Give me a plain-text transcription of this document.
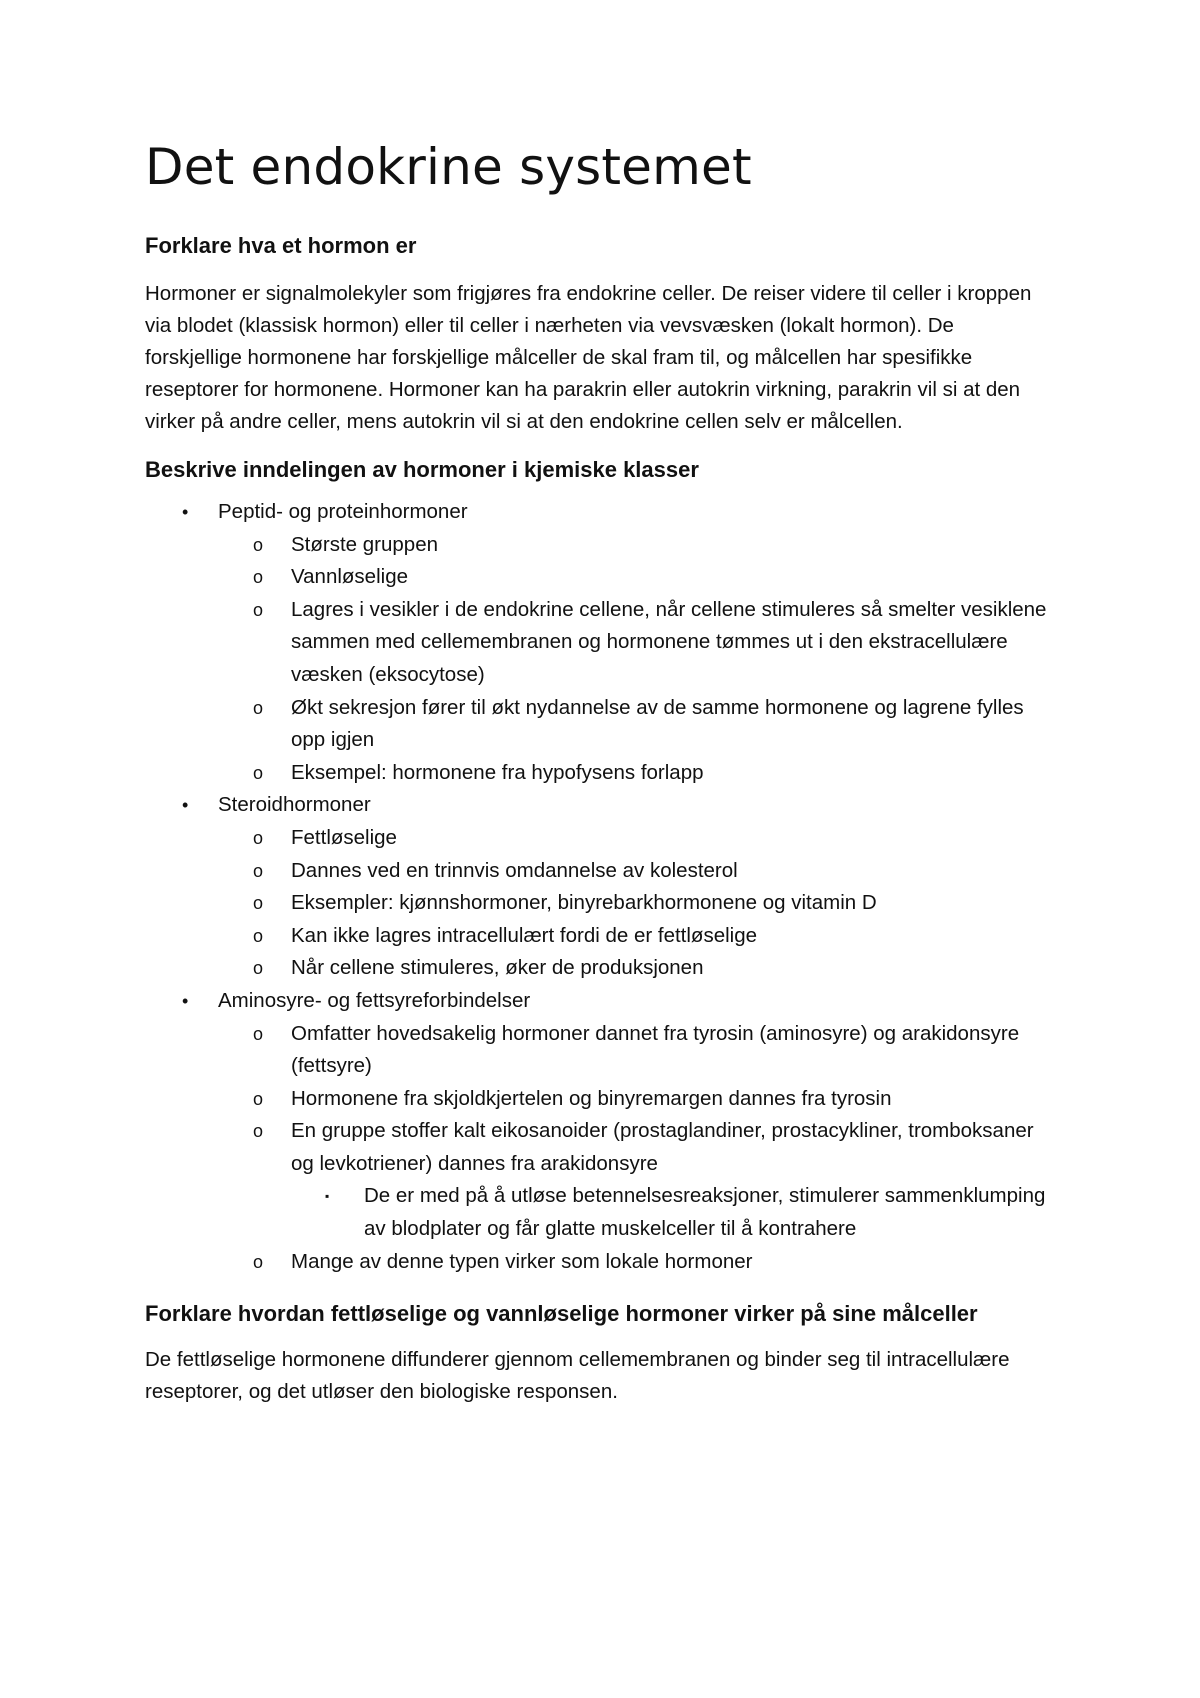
Det endokrine systemet
Forklare hva et hormon er

Hormoner er signalmolekyler som frigjøres fra endokrine celler. De reiser videre til celler i kroppen via blodet (klassisk hormon) eller til celler i nærheten via vevsvæsken (lokalt hormon). De forskjellige hormonene har forskjellige målceller de skal fram til, og målcellen har spesifikke reseptorer for hormonene. Hormoner kan ha parakrin eller autokrin virkning, parakrin vil si at den virker på andre celler, mens autokrin vil si at den endokrine cellen selv er målcellen.

Beskrive inndelingen av hormoner i kjemiske klasser
• Peptid- og proteinhormoner
o Største gruppen
o Vannløselige
o Lagres i vesikler i de endokrine cellene, når cellene stimuleres så smelter vesiklene sammen med cellemembranen og hormonene tømmes ut i den ekstracellulære væsken (eksocytose)
o Økt sekresjon fører til økt nydannelse av de samme hormonene og lagrene fylles opp igjen
o Eksempel: hormonene fra hypofysens forlapp
• Steroidhormoner
o Fettløselige
o Dannes ved en trinnvis omdannelse av kolesterol
o Eksempler: kjønnshormoner, binyrebarkhormonene og vitamin D
o Kan ikke lagres intracellulært fordi de er fettløselige
o Når cellene stimuleres, øker de produksjonen
• Aminosyre- og fettsyreforbindelser
o Omfatter hovedsakelig hormoner dannet fra tyrosin (aminosyre) og arakidonsyre (fettsyre)
o Hormonene fra skjoldkjertelen og binyremargen dannes fra tyrosin
o En gruppe stoffer kalt eikosanoider (prostaglandiner, prostacykliner, tromboksaner og levkotriener) dannes fra arakidonsyre
▪ De er med på å utløse betennelsesreaksjoner, stimulerer sammenklumping av blodplater og får glatte muskelceller til å kontrahere
o Mange av denne typen virker som lokale hormoner
Forklare hvordan fettløselige og vannløselige hormoner virker på sine målceller

De fettløselige hormonene diffunderer gjennom cellemembranen og binder seg til intracellulære reseptorer, og det utløser den biologiske responsen.
